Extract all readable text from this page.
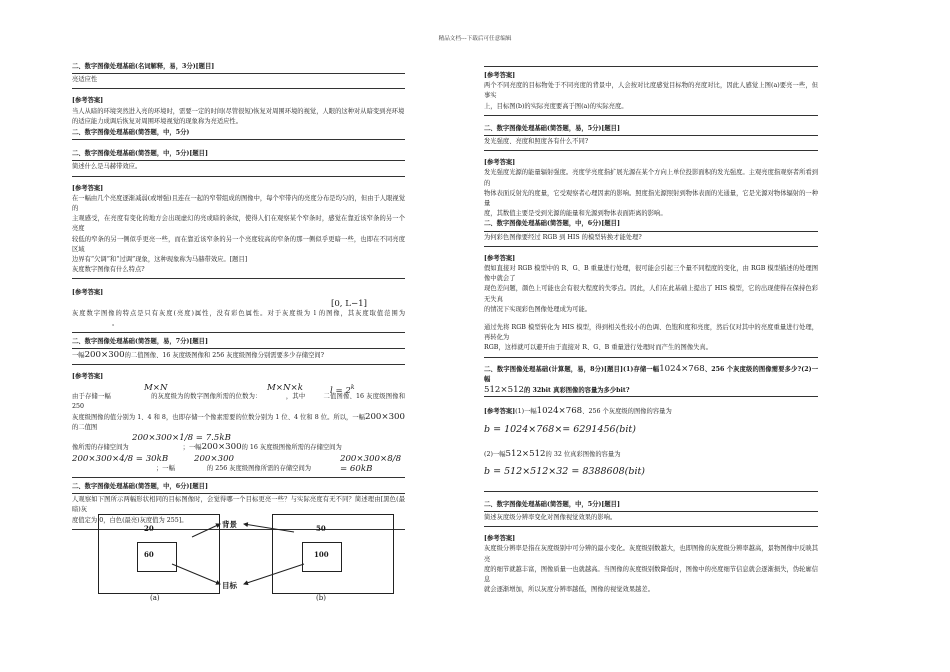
精品文档---下载后可任意编辑
二、数字图像处理基础(名词解释，易，3分)[题目]
亮适应性
[参考答案]
当人从暗的环境突然进入亮的环境时，需要一定的时间(尽管很短)恢复对周围环境的视觉，人眼的这种对从暗变到亮环境
的适应能力成调后恢复对周围环境视觉的现象称为亮适应性。
二、数字图像处理基础(简答题，中，5分)
二、数字图像处理基础(简答题，中，5分)[题目]
简述什么是马赫带效应。
[参考答案]
在一幅由几个亮度逐渐减弱(或增强)且连在一起的窄带组成的图像中，每个窄带内的亮度分布是均匀的，但由于人眼视觉的
主观感受，在亮度有变化的地方会出现虚幻的亮或暗的条纹，使得人们在观察某个窄条时，感觉在靠近该窄条的另一个亮度
较低的窄条的另一侧似乎更亮一些，而在靠近该窄条的另一个亮度较高的窄条的那一侧似乎更暗一些，也即在不同亮度区域
边界有“欠调”和“过调”现象，这种现象称为马赫带效应。[题目]
灰度数字图像有什么特点?
[参考答案]
[0, L−1]
灰度数字图像的特点是只有灰度(亮度)属性，没有彩色属性。对于灰度级为 l 的图像，其灰度取值范围为 。
二、数字图像处理基础(简答题，易，7分)[题目]
一幅200×300的二值图像、16 灰度级图像和 256 灰度级图像分别需要多少存储空间?
[参考答案]
M×N	M×N×k	$l = 2^k$
由于存储一幅	的灰度级为的数字图像所需的位数为：	，其中	二值图像、16 灰度级图像和 250
灰度级图像的值分别为 1、4 和 8，也即存储一个像素需要的位数分别为 1 位、4 位和 8 位。所以，一幅200×300的二值图
200×300×1/8 = 7.5kB
像所需的存储空间为	；一幅200×300的 16 灰度级图像所需的存储空间为
200×300×4/8 = 30kB	200×300	200×300×8/8 = 60kB
；一幅	的 256 灰度级图像所需的存储空间为
二、数字图像处理基础(简答题，中，6分)[题目]
人观察如下图所示两幅形状相同的目标图像时，会觉得哪一个目标更亮一些？与实际亮度有无不同？简述理由[黑色(最暗)灰
度值定为 0，白色(最亮)灰度值为 255]。
20
60
50
100
背景
目标
(a)	(b)
[参考答案]
两个不同亮度的目标物处于不同亮度的背景中，人会按对比度感觉目标物的亮度对比，因此人感觉上图(a)要亮一些，但事实
上，目标图(b)的实际亮度要高于图(a)的实际亮度。
二、数字图像处理基础(简答题，易，5分)[题目]
发光强度、亮度和照度各有什么不同?
[参考答案]
发光强度光源的能量辐射强度。亮度学亮度指扩展光源在某个方向上单位投影面积的发光强度。主观亮度指观察者所看到的
物体表面反射光的度量，它受观察者心理因素的影响。照度指光源照射到物体表面的光通量，它是光源对物体辐射的一种量
度，其数值主要是受到光源的能量和光源到物体表面距离的影响。
二、数字图像处理基础(简答题，中，6分)[题目]
为何彩色图像要经过 RGB 到 HIS 的模型转换才能处理?
[参考答案]
假如直接对 RGB 模型中的 R、G、B 重量进行处理，很可能会引起三个量不同程度的变化，由 RGB 模型描述的处理图像中就会了
现色差问题，颜色上可能也会有很大程度的失零点。因此，人们在此基础上提出了 HIS 模型，它的出现使得在保持色彩无失真
的情况下实现彩色图像处理成为可能。
通过先将 RGB 模型转化为 HIS 模型，得到相关性较小的色调、色饱和度和亮度，然后仅对其中的亮度重量进行处理，再转化为
RGB，这样就可以避开由于直接对 R、G、B 重量进行处理时而产生的图像失真。
二、数字图像处理基础(计算题，易，8分)[题目](1)存储一幅1024×768、256 个灰度级的图像需要多少?(2)一幅
512×512的 32bit 真彩图像的容量为多少bit?
[参考答案](1)一幅1024×768、256 个灰度级的图像的容量为
b = 1024×768×= 6291456(bit)
(2)一幅512×512的 32 位真彩图像的容量为
b = 512×512×32 = 8388608(bit)
二、数字图像处理基础(简答题，中，5分)[题目]
简述灰度级分辨率变化对图像视觉效果的影响。
[参考答案]
灰度级分辨率是指在灰度级别中可分辨的最小变化。灰度级别数越大，也即图像的灰度级分辨率越高，景物图像中反映其亮
度的细节就越丰富，图像质量一也就越高。当图像的灰度级别数降低时，图像中的亮度细节信息就会逐渐损失，伪轮廓信息
就会逐渐增加，所以灰度分辨率越低，图像的视觉效果越差。
